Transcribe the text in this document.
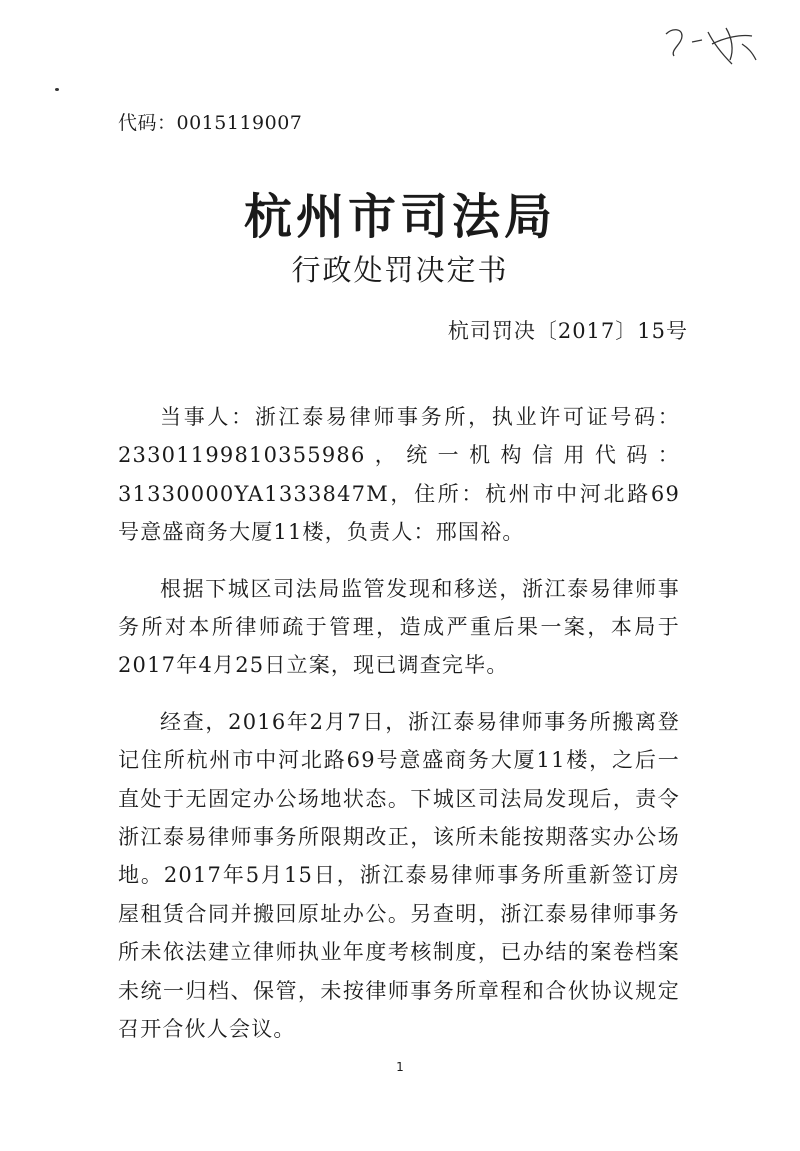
代码：0015119007
杭州市司法局
行政处罚决定书
杭司罚决〔2017〕15号

当事人：浙江泰易律师事务所，执业许可证号码：23301199810355986，统一机构信用代码：31330000YA1333847M，住所：杭州市中河北路69号意盛商务大厦11楼，负责人：邢国裕。

根据下城区司法局监管发现和移送，浙江泰易律师事务所对本所律师疏于管理，造成严重后果一案，本局于2017年4月25日立案，现已调查完毕。

经查，2016年2月7日，浙江泰易律师事务所搬离登记住所杭州市中河北路69号意盛商务大厦11楼，之后一直处于无固定办公场地状态。下城区司法局发现后，责令浙江泰易律师事务所限期改正，该所未能按期落实办公场地。2017年5月15日，浙江泰易律师事务所重新签订房屋租赁合同并搬回原址办公。另查明，浙江泰易律师事务所未依法建立律师执业年度考核制度，已办结的案卷档案未统一归档、保管，未按律师事务所章程和合伙协议规定召开合伙人会议。

1
